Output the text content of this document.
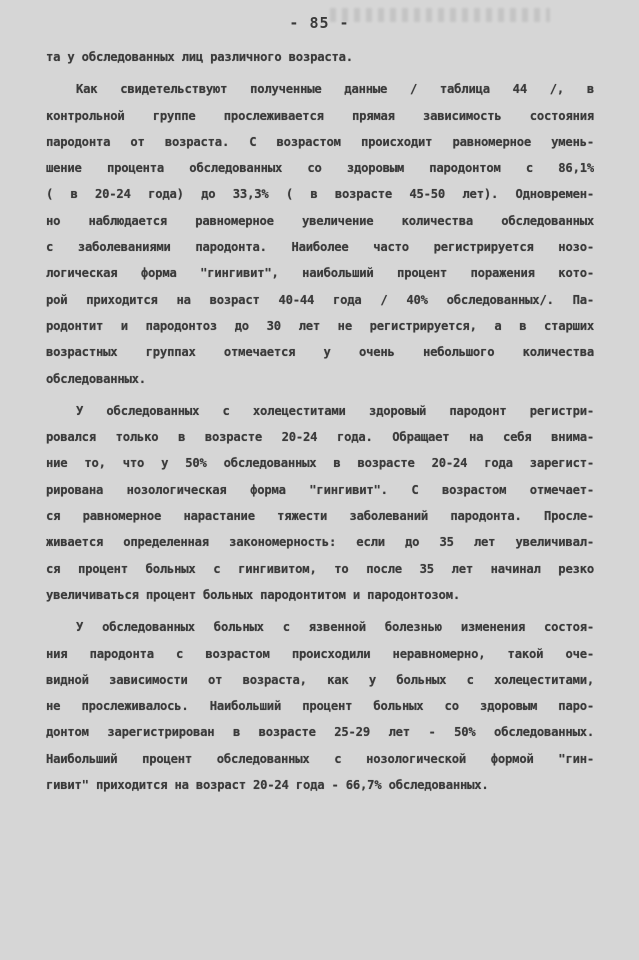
- 85 -
та у обследованных лиц различного возраста.
Как свидетельствуют полученные данные / таблица 44 /, в
контрольной группе прослеживается прямая зависимость состояния
пародонта от возраста. С возрастом происходит равномерное умень-
шение процента обследованных со здоровым пародонтом с 86,1%
( в 20-24 года) до 33,3% ( в возрасте 45-50 лет). Одновремен-
но наблюдается равномерное увеличение количества обследованных
с заболеваниями пародонта. Наиболее часто регистрируется нозо-
логическая форма "гингивит", наибольший процент поражения кото-
рой приходится на возраст 40-44 года / 40% обследованных/. Па-
родонтит и пародонтоз до 30 лет не регистрируется, а в старших
возрастных группах отмечается у очень небольшого количества
обследованных.
У обследованных с холецеститами здоровый пародонт регистри-
ровался только в возрасте 20-24 года. Обращает на себя внима-
ние то, что у 50% обследованных в возрасте 20-24 года зарегист-
рирована нозологическая форма "гингивит". С возрастом отмечает-
ся равномерное нарастание тяжести заболеваний пародонта. Просле-
живается определенная закономерность: если до 35 лет увеличивал-
ся процент больных с гингивитом, то после 35 лет начинал резко
увеличиваться процент больных пародонтитом и пародонтозом.
У обследованных больных с язвенной болезнью изменения состоя-
ния пародонта с возрастом происходили неравномерно, такой оче-
видной зависимости от возраста, как у больных с холецеститами,
не прослеживалось. Наибольший процент больных со здоровым паро-
донтом зарегистрирован в возрасте 25-29 лет - 50% обследованных.
Наибольший процент обследованных с нозологической формой "гин-
гивит" приходится на возраст 20-24 года - 66,7% обследованных.
